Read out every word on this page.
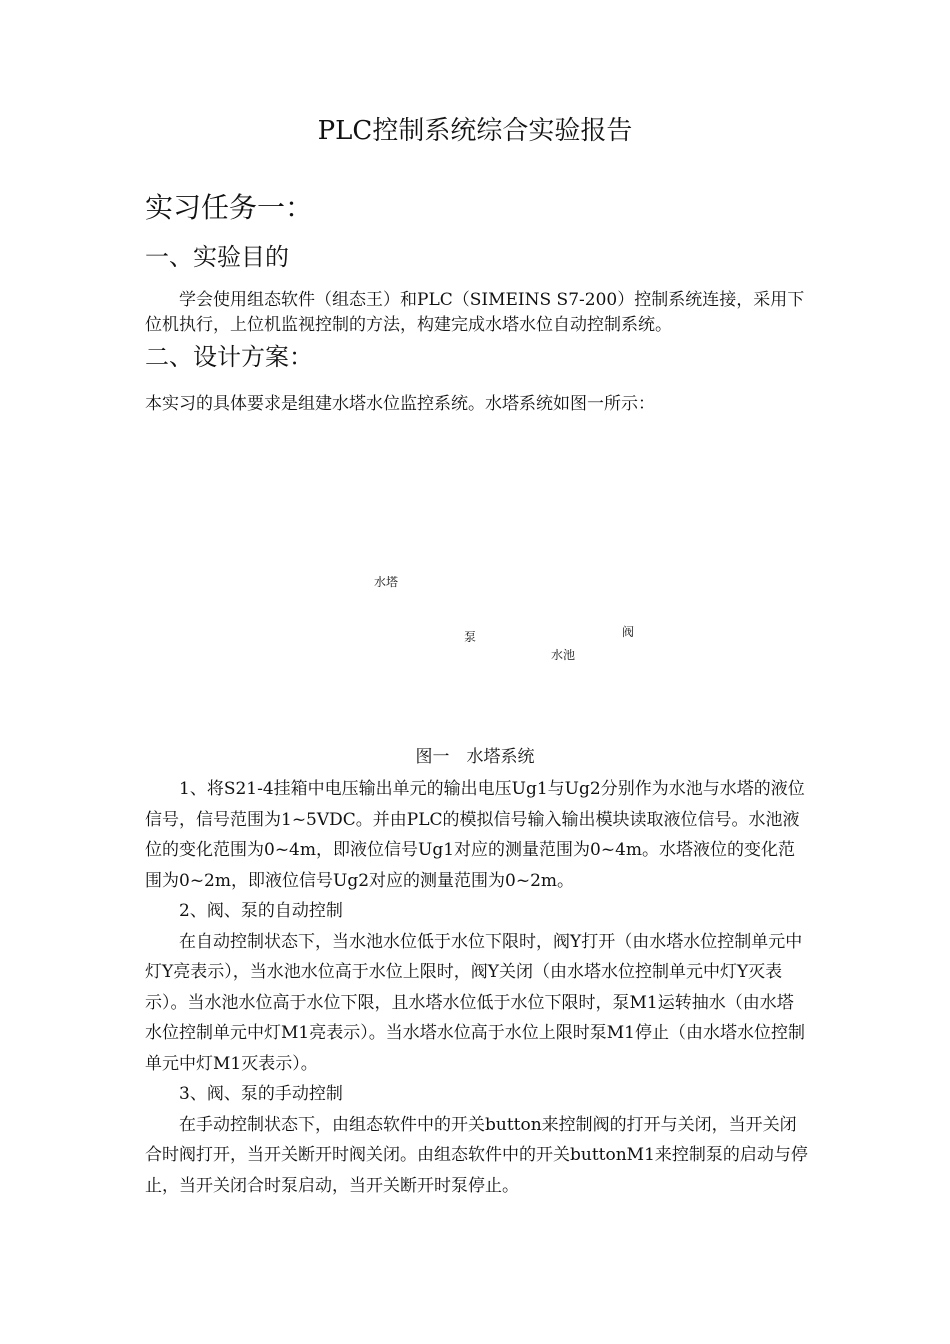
PLC控制系统综合实验报告
实习任务一：
一、实验目的
学会使用组态软件（组态王）和PLC（SIMEINS S7-200）控制系统连接，采用下位机执行，上位机监视控制的方法，构建完成水塔水位自动控制系统。
二、设计方案：
本实习的具体要求是组建水塔水位监控系统。水塔系统如图一所示：
水塔
泵	阀
水池
图一　水塔系统

1、将S21-4挂箱中电压输出单元的输出电压Ug1与Ug2分别作为水池与水塔的液位信号，信号范围为1~5VDC。并由PLC的模拟信号输入输出模块读取液位信号。水池液位的变化范围为0~4m，即液位信号Ug1对应的测量范围为0~4m。水塔液位的变化范围为0~2m，即液位信号Ug2对应的测量范围为0~2m。

2、阀、泵的自动控制

在自动控制状态下，当水池水位低于水位下限时，阀Y打开（由水塔水位控制单元中灯Y亮表示），当水池水位高于水位上限时，阀Y关闭（由水塔水位控制单元中灯Y灭表示）。当水池水位高于水位下限，且水塔水位低于水位下限时，泵M1运转抽水（由水塔水位控制单元中灯M1亮表示）。当水塔水位高于水位上限时泵M1停止（由水塔水位控制单元中灯M1灭表示）。

3、阀、泵的手动控制

在手动控制状态下，由组态软件中的开关button来控制阀的打开与关闭，当开关闭合时阀打开，当开关断开时阀关闭。由组态软件中的开关buttonM1来控制泵的启动与停止，当开关闭合时泵启动，当开关断开时泵停止。
